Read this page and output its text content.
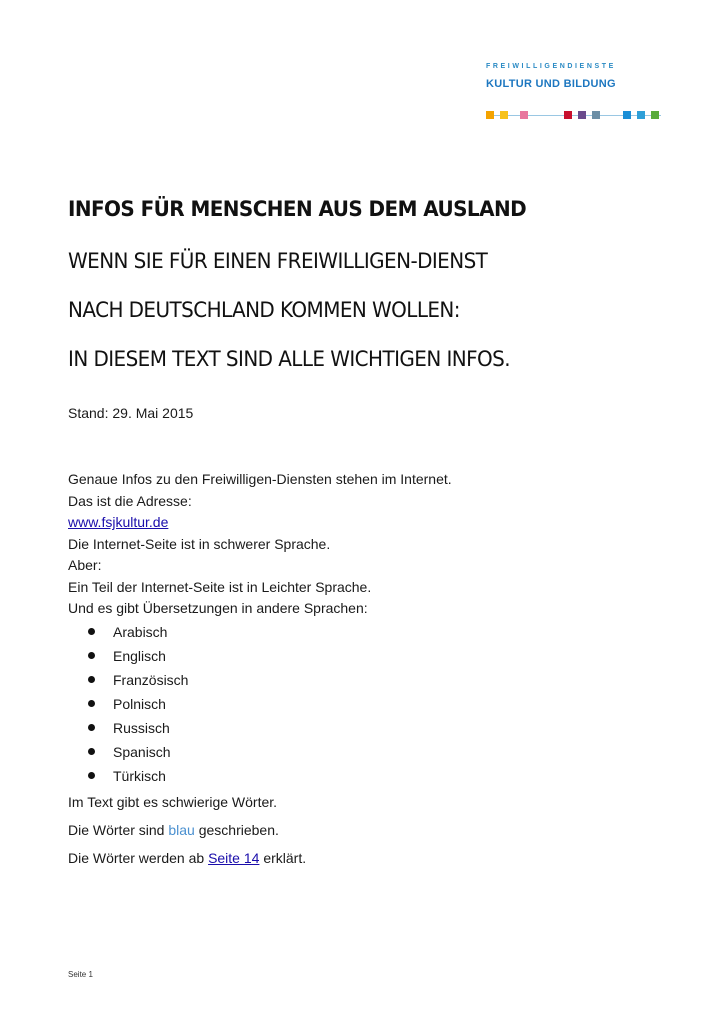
FREIWILLIGENDIENSTE
KULTUR UND BILDUNG
INFOS FÜR MENSCHEN AUS DEM AUSLAND
WENN SIE FÜR EINEN FREIWILLIGEN-DIENST
NACH DEUTSCHLAND KOMMEN WOLLEN:
IN DIESEM TEXT SIND ALLE WICHTIGEN INFOS.
Stand: 29. Mai 2015
Genaue Infos zu den Freiwilligen-Diensten stehen im Internet.
Das ist die Adresse:
www.fsjkultur.de
Die Internet-Seite ist in schwerer Sprache.
Aber:
Ein Teil der Internet-Seite ist in Leichter Sprache.
Und es gibt Übersetzungen in andere Sprachen:
Arabisch
Englisch
Französisch
Polnisch
Russisch
Spanisch
Türkisch
Im Text gibt es schwierige Wörter.
Die Wörter sind blau geschrieben.
Die Wörter werden ab Seite 14 erklärt.
Seite 1
